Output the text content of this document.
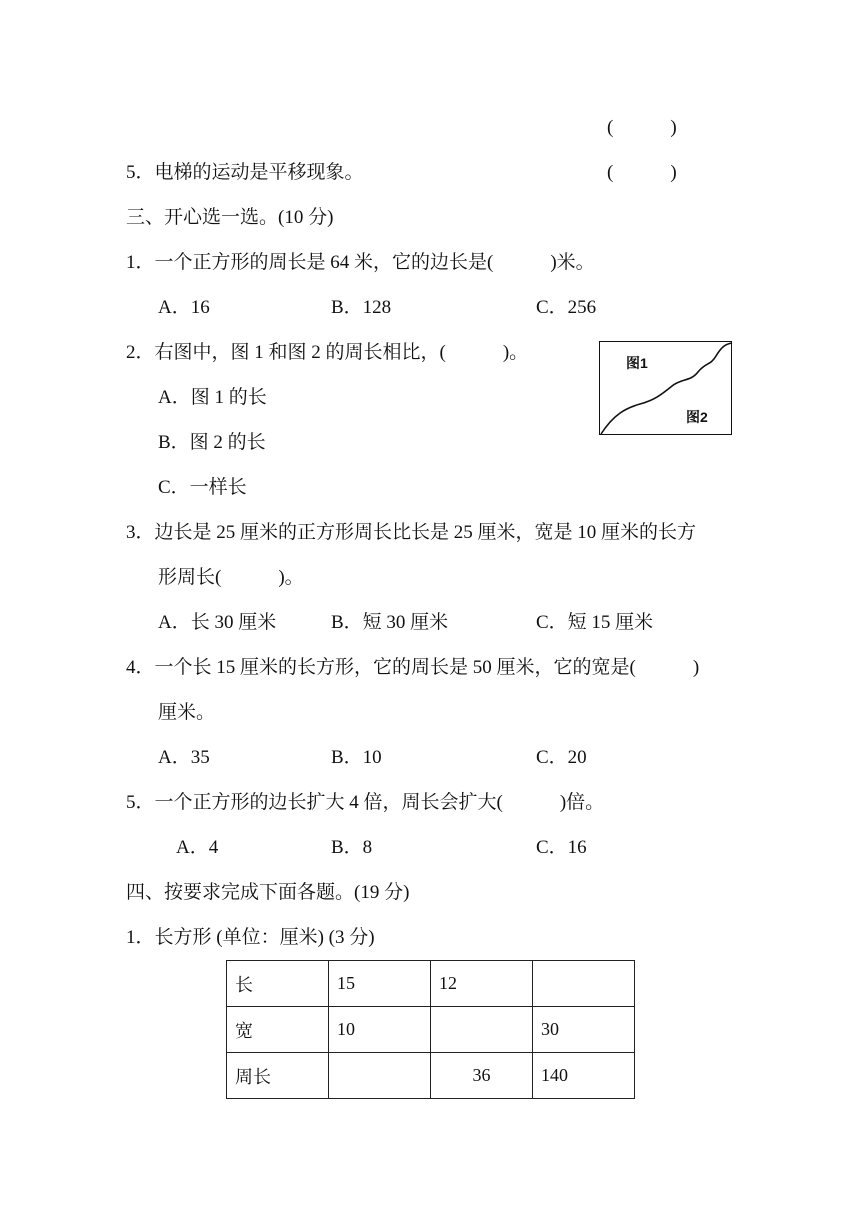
(　　　)
5．电梯的运动是平移现象。	(　　　)
三、开心选一选。(10 分)
1．一个正方形的周长是 64 米，它的边长是(　　　)米。
A．16	B．128	C．256
2．右图中，图 1 和图 2 的周长相比，(　　　)。
A．图 1 的长
B．图 2 的长
C．一样长
图1
图2
3．边长是 25 厘米的正方形周长比长是 25 厘米，宽是 10 厘米的长方
形周长(　　　)。
A．长 30 厘米	B．短 30 厘米	C．短 15 厘米
4．一个长 15 厘米的长方形，它的周长是 50 厘米，它的宽是(　　　)
厘米。
A．35	B．10	C．20
5．一个正方形的边长扩大 4 倍，周长会扩大(　　　)倍。
A．4	B．8	C．16
四、按要求完成下面各题。(19 分)
1．长方形 (单位：厘米) (3 分)
长	15	12	
宽	10		30
周长		36	140
